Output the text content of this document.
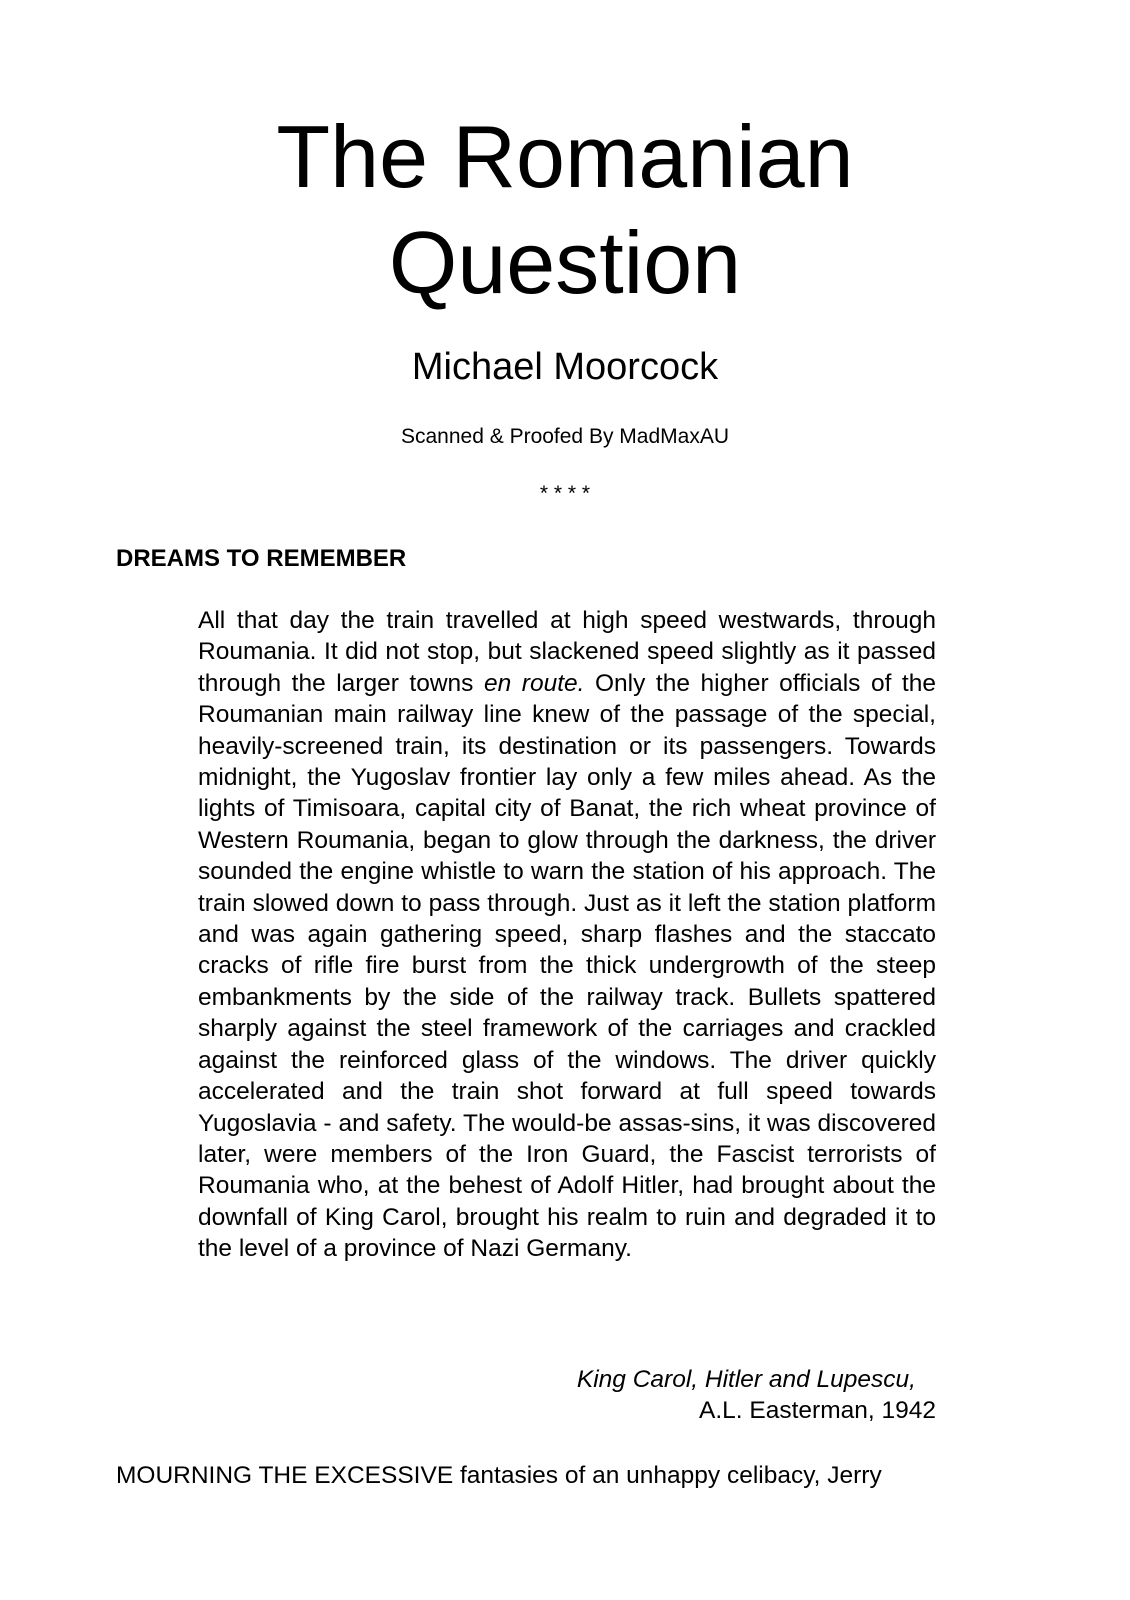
The Romanian
Question
Michael Moorcock
Scanned & Proofed By MadMaxAU
* * * *
DREAMS TO REMEMBER

All that day the train travelled at high speed westwards, through Roumania. It did not stop, but slackened speed slightly as it passed through the larger towns en route. Only the higher officials of the Roumanian main railway line knew of the passage of the special, heavily-screened train, its destination or its passengers. Towards midnight, the Yugoslav frontier lay only a few miles ahead. As the lights of Timisoara, capital city of Banat, the rich wheat province of Western Roumania, began to glow through the darkness, the driver sounded the engine whistle to warn the station of his approach. The train slowed down to pass through. Just as it left the station platform and was again gathering speed, sharp flashes and the staccato cracks of rifle fire burst from the thick undergrowth of the steep embankments by the side of the railway track. Bullets spattered sharply against the steel framework of the carriages and crackled against the reinforced glass of the windows. The driver quickly accelerated and the train shot forward at full speed towards Yugoslavia - and safety. The would-be assas-sins, it was discovered later, were members of the Iron Guard, the Fascist terrorists of Roumania who, at the behest of Adolf Hitler, had brought about the downfall of King Carol, brought his realm to ruin and degraded it to the level of a province of Nazi Germany.

King Carol, Hitler and Lupescu,
A.L. Easterman, 1942

MOURNING THE EXCESSIVE fantasies of an unhappy celibacy, Jerry
